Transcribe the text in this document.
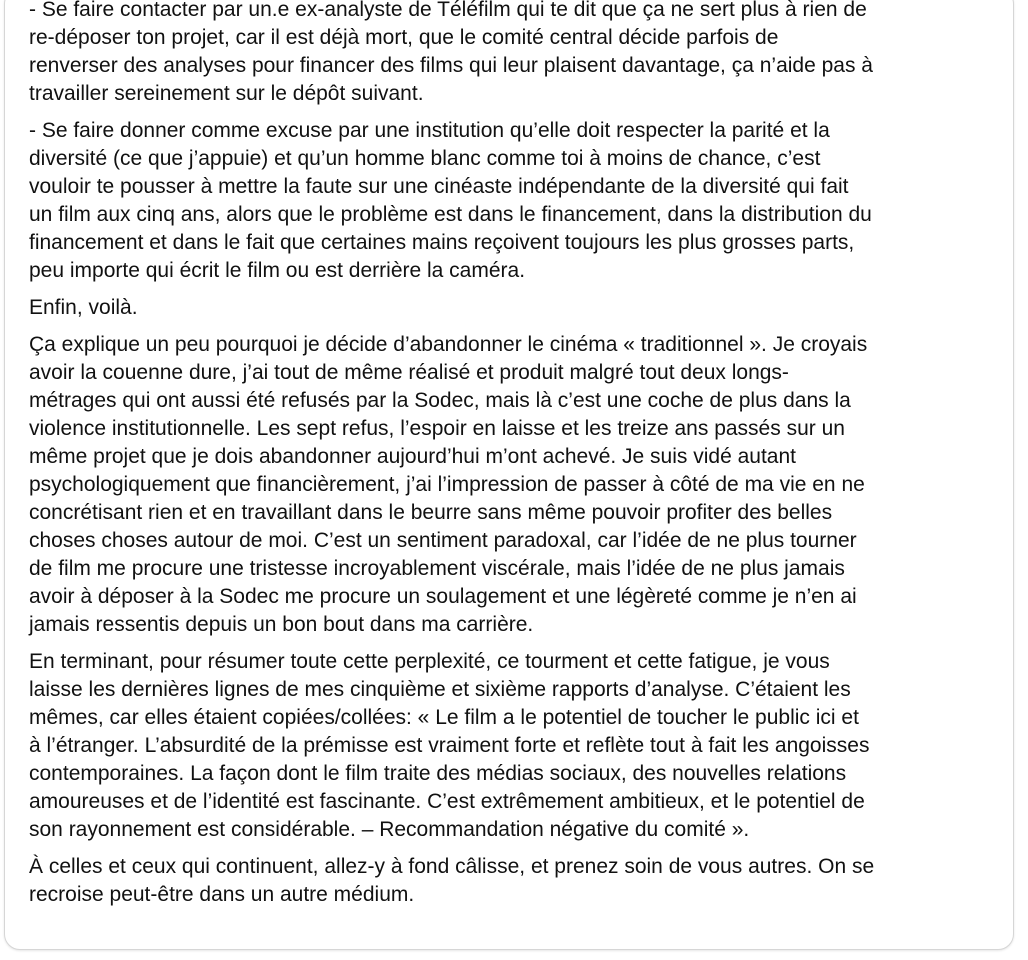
- Se faire contacter par un.e ex-analyste de Téléfilm qui te dit que ça ne sert plus à rien de
re-déposer ton projet, car il est déjà mort, que le comité central décide parfois de
renverser des analyses pour financer des films qui leur plaisent davantage, ça n’aide pas à
travailler sereinement sur le dépôt suivant.

- Se faire donner comme excuse par une institution qu’elle doit respecter la parité et la
diversité (ce que j’appuie) et qu’un homme blanc comme toi à moins de chance, c’est
vouloir te pousser à mettre la faute sur une cinéaste indépendante de la diversité qui fait
un film aux cinq ans, alors que le problème est dans le financement, dans la distribution du
financement et dans le fait que certaines mains reçoivent toujours les plus grosses parts,
peu importe qui écrit le film ou est derrière la caméra.

Enfin, voilà.

Ça explique un peu pourquoi je décide d’abandonner le cinéma « traditionnel ». Je croyais
avoir la couenne dure, j’ai tout de même réalisé et produit malgré tout deux longs-
métrages qui ont aussi été refusés par la Sodec, mais là c’est une coche de plus dans la
violence institutionnelle. Les sept refus, l’espoir en laisse et les treize ans passés sur un
même projet que je dois abandonner aujourd’hui m’ont achevé. Je suis vidé autant
psychologiquement que financièrement, j’ai l’impression de passer à côté de ma vie en ne
concrétisant rien et en travaillant dans le beurre sans même pouvoir profiter des belles
choses choses autour de moi. C’est un sentiment paradoxal, car l’idée de ne plus tourner
de film me procure une tristesse incroyablement viscérale, mais l’idée de ne plus jamais
avoir à déposer à la Sodec me procure un soulagement et une légèreté comme je n’en ai
jamais ressentis depuis un bon bout dans ma carrière.

En terminant, pour résumer toute cette perplexité, ce tourment et cette fatigue, je vous
laisse les dernières lignes de mes cinquième et sixième rapports d’analyse. C’étaient les
mêmes, car elles étaient copiées/collées: « Le film a le potentiel de toucher le public ici et
à l’étranger. L’absurdité de la prémisse est vraiment forte et reflète tout à fait les angoisses
contemporaines. La façon dont le film traite des médias sociaux, des nouvelles relations
amoureuses et de l’identité est fascinante. C’est extrêmement ambitieux, et le potentiel de
son rayonnement est considérable. – Recommandation négative du comité ».

À celles et ceux qui continuent, allez-y à fond câlisse, et prenez soin de vous autres. On se
recroise peut-être dans un autre médium.
